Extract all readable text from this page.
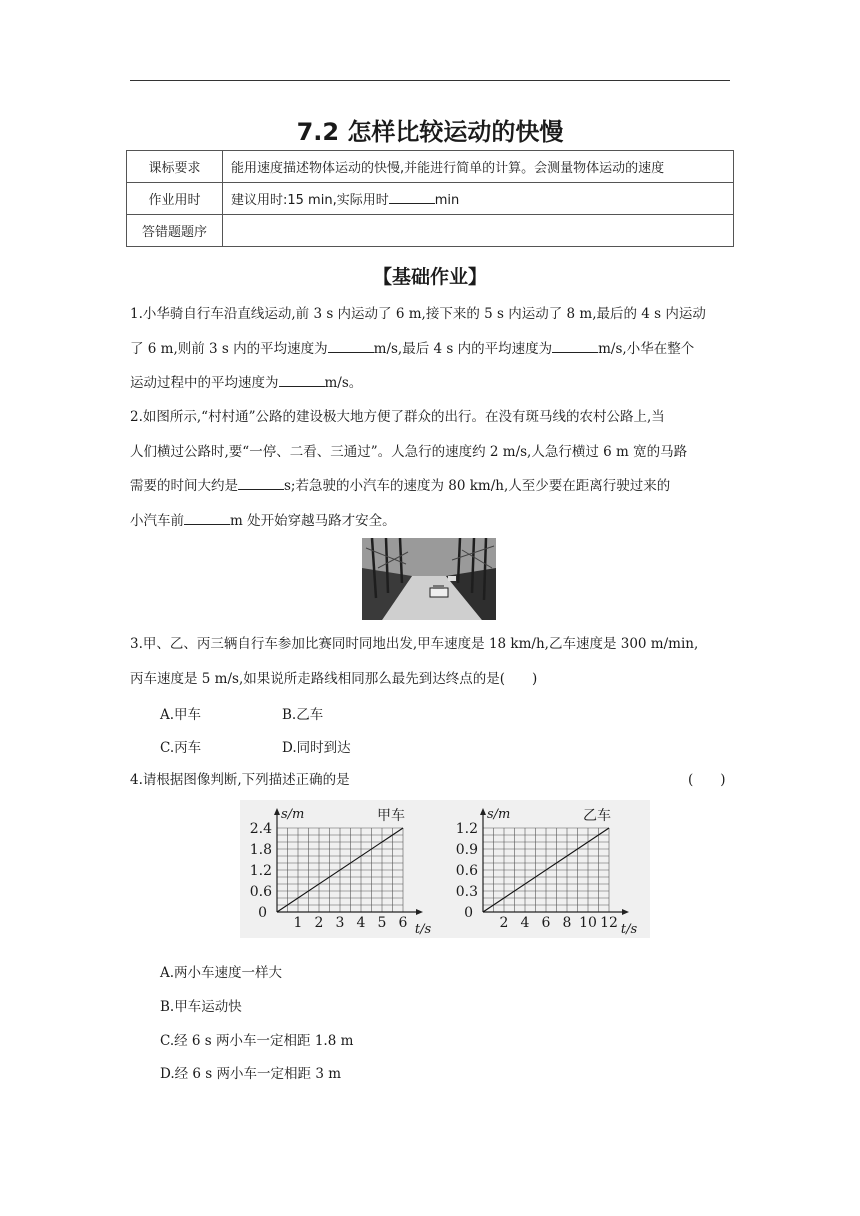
7.2 怎样比较运动的快慢
课标要求	能用速度描述物体运动的快慢,并能进行简单的计算。会测量物体运动的速度
作业用时	建议用时:15 min,实际用时 min
答错题题序	
【基础作业】
1.小华骑自行车沿直线运动,前 3 s 内运动了 6 m,接下来的 5 s 内运动了 8 m,最后的 4 s 内运动
了 6 m,则前 3 s 内的平均速度为	m/s,最后 4 s 内的平均速度为	m/s,小华在整个
运动过程中的平均速度为	m/s。
2.如图所示,“村村通”公路的建设极大地方便了群众的出行。在没有斑马线的农村公路上,当
人们横过公路时,要“一停、二看、三通过”。人急行的速度约 2 m/s,人急行横过 6 m 宽的马路
需要的时间大约是	s;若急驶的小汽车的速度为 80 km/h,人至少要在距离行驶过来的
小汽车前	m 处开始穿越马路才安全。
3.甲、乙、丙三辆自行车参加比赛同时同地出发,甲车速度是 18 km/h,乙车速度是 300 m/min,
丙车速度是 5 m/s,如果说所走路线相同那么最先到达终点的是(　　)
A.甲车	B.乙车
C.丙车	D.同时到达
4.请根据图像判断,下列描述正确的是	(　　)
1 2 3 4 5 6
0.6
1.2
1.8
2.4
0
s/m
t/s
甲车
2 4 6 8 10 12
0.3
0.6
0.9
1.2
0
s/m
t/s
乙车
A.两小车速度一样大
B.甲车运动快
C.经 6 s 两小车一定相距 1.8 m
D.经 6 s 两小车一定相距 3 m
